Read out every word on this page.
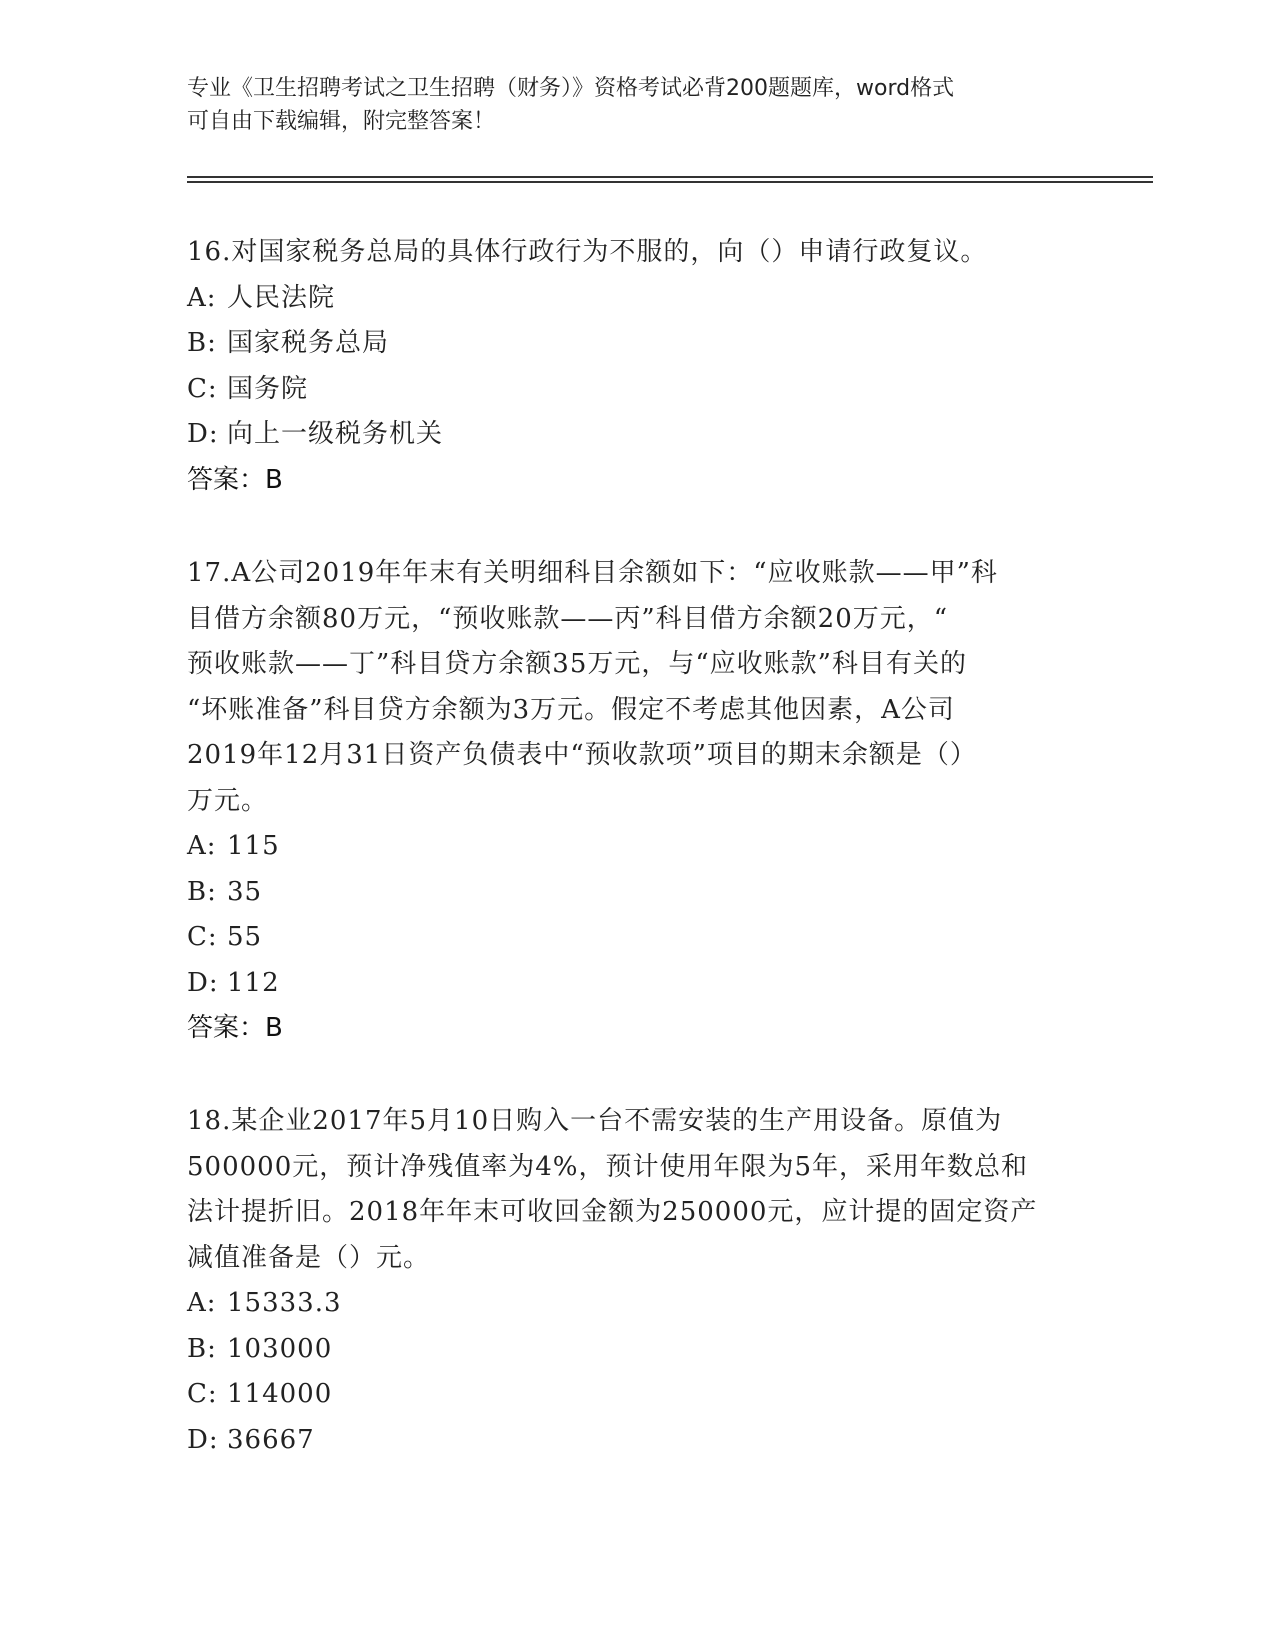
专业《卫生招聘考试之卫生招聘（财务）》资格考试必背200题题库，word格式
可自由下载编辑，附完整答案！
16.对国家税务总局的具体行政行为不服的，向（）申请行政复议。
A: 人民法院
B: 国家税务总局
C: 国务院
D: 向上一级税务机关
答案：B
17.A公司2019年年末有关明细科目余额如下：“应收账款——甲”科
目借方余额80万元，“预收账款——丙”科目借方余额20万元，“
预收账款——丁”科目贷方余额35万元，与“应收账款”科目有关的
“坏账准备”科目贷方余额为3万元。假定不考虑其他因素，A公司
2019年12月31日资产负债表中“预收款项”项目的期末余额是（）
万元。
A: 115
B: 35
C: 55
D: 112
答案：B
18.某企业2017年5月10日购入一台不需安装的生产用设备。原值为
500000元，预计净残值率为4%，预计使用年限为5年，采用年数总和
法计提折旧。2018年年末可收回金额为250000元，应计提的固定资产
减值准备是（）元。
A: 15333.3
B: 103000
C: 114000
D: 36667
